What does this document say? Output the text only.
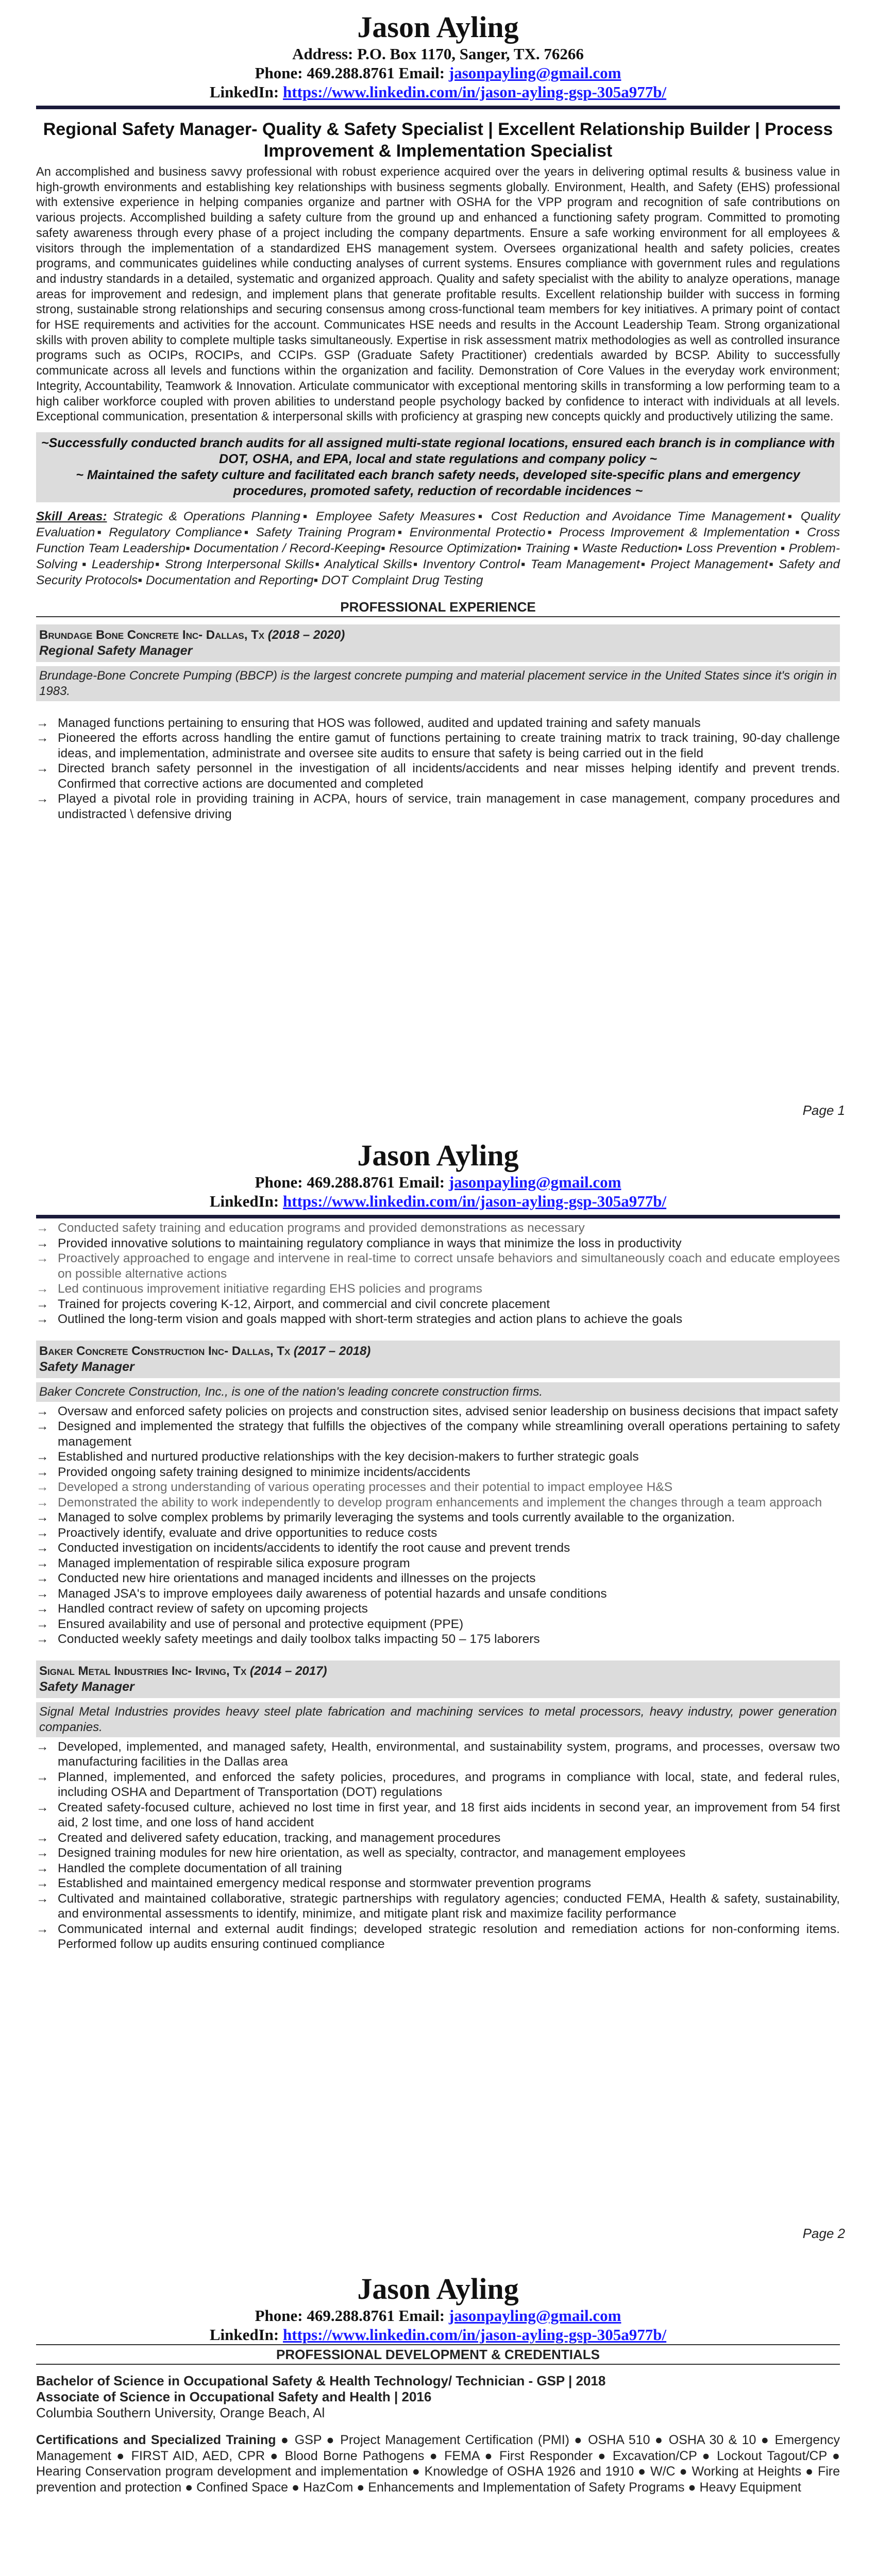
Jason Ayling
Address: P.O. Box 1170, Sanger, TX. 76266
Phone: 469.288.8761 Email: jasonpayling@gmail.com
LinkedIn: https://www.linkedin.com/in/jason-ayling-gsp-305a977b/
Regional Safety Manager- Quality & Safety Specialist | Excellent Relationship Builder | Process Improvement & Implementation Specialist
An accomplished and business savvy professional with robust experience acquired over the years in delivering optimal results & business value in high-growth environments and establishing key relationships with business segments globally. Environment, Health, and Safety (EHS) professional with extensive experience in helping companies organize and partner with OSHA for the VPP program and recognition of safe contributions on various projects. Accomplished building a safety culture from the ground up and enhanced a functioning safety program. Committed to promoting safety awareness through every phase of a project including the company departments. Ensure a safe working environment for all employees & visitors through the implementation of a standardized EHS management system. Oversees organizational health and safety policies, creates programs, and communicates guidelines while conducting analyses of current systems. Ensures compliance with government rules and regulations and industry standards in a detailed, systematic and organized approach. Quality and safety specialist with the ability to analyze operations, manage areas for improvement and redesign, and implement plans that generate profitable results. Excellent relationship builder with success in forming strong, sustainable strong relationships and securing consensus among cross-functional team members for key initiatives. A primary point of contact for HSE requirements and activities for the account. Communicates HSE needs and results in the Account Leadership Team. Strong organizational skills with proven ability to complete multiple tasks simultaneously. Expertise in risk assessment matrix methodologies as well as controlled insurance programs such as OCIPs, ROCIPs, and CCIPs. GSP (Graduate Safety Practitioner) credentials awarded by BCSP. Ability to successfully communicate across all levels and functions within the organization and facility. Demonstration of Core Values in the everyday work environment; Integrity, Accountability, Teamwork & Innovation. Articulate communicator with exceptional mentoring skills in transforming a low performing team to a high caliber workforce coupled with proven abilities to understand people psychology backed by confidence to interact with individuals at all levels. Exceptional communication, presentation & interpersonal skills with proficiency at grasping new concepts quickly and productively utilizing the same.
~Successfully conducted branch audits for all assigned multi-state regional locations, ensured each branch is in compliance with DOT, OSHA, and EPA, local and state regulations and company policy ~
~ Maintained the safety culture and facilitated each branch safety needs, developed site-specific plans and emergency procedures, promoted safety, reduction of recordable incidences ~
Skill Areas: Strategic & Operations Planning▪ Employee Safety Measures▪ Cost Reduction and Avoidance Time Management▪ Quality Evaluation▪ Regulatory Compliance▪ Safety Training Program▪ Environmental Protectio▪ Process Improvement & Implementation ▪ Cross Function Team Leadership▪ Documentation / Record-Keeping▪ Resource Optimization▪ Training ▪ Waste Reduction▪ Loss Prevention ▪ Problem-Solving ▪ Leadership▪ Strong Interpersonal Skills▪ Analytical Skills▪ Inventory Control▪ Team Management▪ Project Management▪ Safety and Security Protocols▪ Documentation and Reporting▪ DOT Complaint Drug Testing
PROFESSIONAL EXPERIENCE
Brundage Bone Concrete Inc- Dallas, Tx (2018 – 2020)
Regional Safety Manager
Brundage-Bone Concrete Pumping (BBCP) is the largest concrete pumping and material placement service in the United States since it's origin in 1983.
→ Managed functions pertaining to ensuring that HOS was followed, audited and updated training and safety manuals
→ Pioneered the efforts across handling the entire gamut of functions pertaining to create training matrix to track training, 90-day challenge ideas, and implementation, administrate and oversee site audits to ensure that safety is being carried out in the field
→ Directed branch safety personnel in the investigation of all incidents/accidents and near misses helping identify and prevent trends. Confirmed that corrective actions are documented and completed
→ Played a pivotal role in providing training in ACPA, hours of service, train management in case management, company procedures and undistracted \ defensive driving
Page 1
Jason Ayling
Phone: 469.288.8761 Email: jasonpayling@gmail.com
LinkedIn: https://www.linkedin.com/in/jason-ayling-gsp-305a977b/
→ Conducted safety training and education programs and provided demonstrations as necessary
→ Provided innovative solutions to maintaining regulatory compliance in ways that minimize the loss in productivity
→ Proactively approached to engage and intervene in real-time to correct unsafe behaviors and simultaneously coach and educate employees on possible alternative actions
→ Led continuous improvement initiative regarding EHS policies and programs
→ Trained for projects covering K-12, Airport, and commercial and civil concrete placement
→ Outlined the long-term vision and goals mapped with short-term strategies and action plans to achieve the goals
Baker Concrete Construction Inc- Dallas, Tx (2017 – 2018)
Safety Manager
Baker Concrete Construction, Inc., is one of the nation's leading concrete construction firms.
→ Oversaw and enforced safety policies on projects and construction sites, advised senior leadership on business decisions that impact safety
→ Designed and implemented the strategy that fulfills the objectives of the company while streamlining overall operations pertaining to safety management
→ Established and nurtured productive relationships with the key decision-makers to further strategic goals
→ Provided ongoing safety training designed to minimize incidents/accidents
→ Developed a strong understanding of various operating processes and their potential to impact employee H&S
→ Demonstrated the ability to work independently to develop program enhancements and implement the changes through a team approach
→ Managed to solve complex problems by primarily leveraging the systems and tools currently available to the organization.
→ Proactively identify, evaluate and drive opportunities to reduce costs
→ Conducted investigation on incidents/accidents to identify the root cause and prevent trends
→ Managed implementation of respirable silica exposure program
→ Conducted new hire orientations and managed incidents and illnesses on the projects
→ Managed JSA's to improve employees daily awareness of potential hazards and unsafe conditions
→ Handled contract review of safety on upcoming projects
→ Ensured availability and use of personal and protective equipment (PPE)
→ Conducted weekly safety meetings and daily toolbox talks impacting 50 – 175 laborers
Signal Metal Industries Inc- Irving, Tx (2014 – 2017)
Safety Manager
Signal Metal Industries provides heavy steel plate fabrication and machining services to metal processors, heavy industry, power generation companies.
→ Developed, implemented, and managed safety, Health, environmental, and sustainability system, programs, and processes, oversaw two manufacturing facilities in the Dallas area
→ Planned, implemented, and enforced the safety policies, procedures, and programs in compliance with local, state, and federal rules, including OSHA and Department of Transportation (DOT) regulations
→ Created safety-focused culture, achieved no lost time in first year, and 18 first aids incidents in second year, an improvement from 54 first aid, 2 lost time, and one loss of hand accident
→ Created and delivered safety education, tracking, and management procedures
→ Designed training modules for new hire orientation, as well as specialty, contractor, and management employees
→ Handled the complete documentation of all training
→ Established and maintained emergency medical response and stormwater prevention programs
→ Cultivated and maintained collaborative, strategic partnerships with regulatory agencies; conducted FEMA, Health & safety, sustainability, and environmental assessments to identify, minimize, and mitigate plant risk and maximize facility performance
→ Communicated internal and external audit findings; developed strategic resolution and remediation actions for non-conforming items. Performed follow up audits ensuring continued compliance
Page 2
Jason Ayling
Phone: 469.288.8761 Email: jasonpayling@gmail.com
LinkedIn: https://www.linkedin.com/in/jason-ayling-gsp-305a977b/
PROFESSIONAL DEVELOPMENT & CREDENTIALS
Bachelor of Science in Occupational Safety & Health Technology/ Technician - GSP | 2018
Associate of Science in Occupational Safety and Health | 2016
Columbia Southern University, Orange Beach, Al
Certifications and Specialized Training ● GSP ● Project Management Certification (PMI) ● OSHA 510 ● OSHA 30 & 10 ● Emergency Management ● FIRST AID, AED, CPR ● Blood Borne Pathogens ● FEMA ● First Responder ● Excavation/CP ● Lockout Tagout/CP ● Hearing Conservation program development and implementation ● Knowledge of OSHA 1926 and 1910 ● W/C ● Working at Heights ● Fire prevention and protection ● Confined Space ● HazCom ● Enhancements and Implementation of Safety Programs ● Heavy Equipment
